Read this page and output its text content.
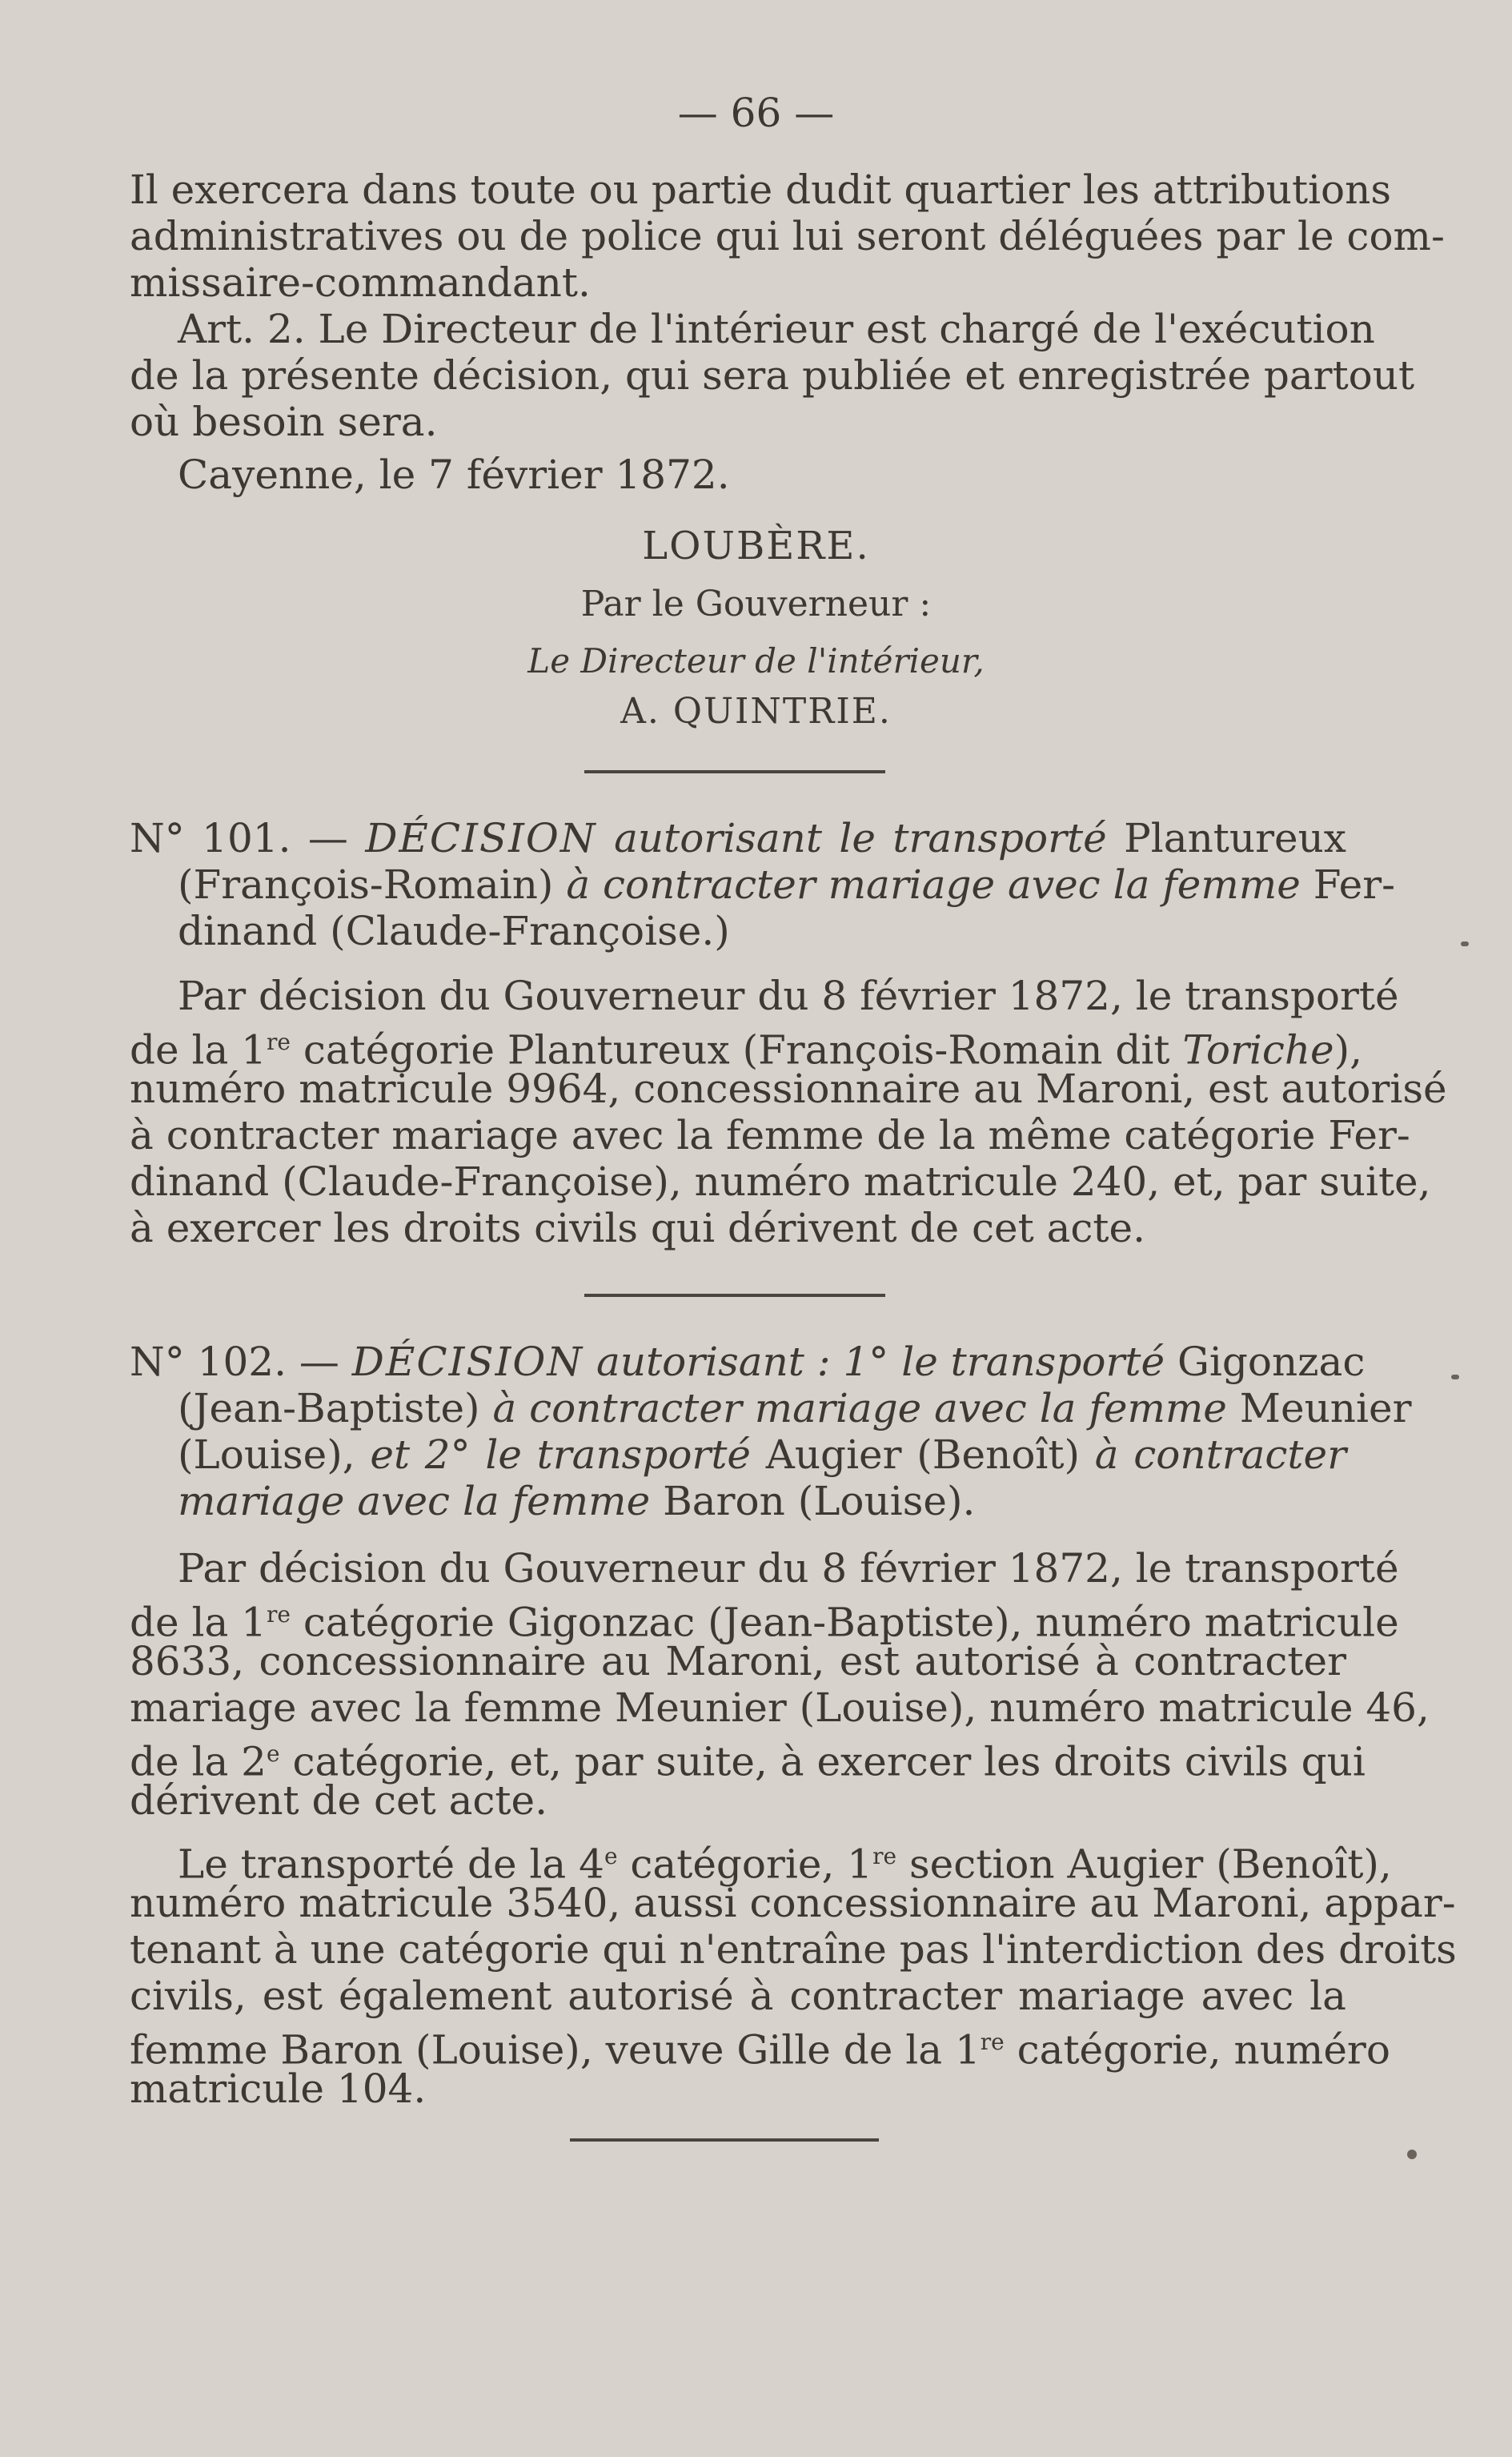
— 66 —
Il exercera dans toute ou partie dudit quartier les attributions
administratives ou de police qui lui seront déléguées par le com-
missaire-commandant.
Art. 2. Le Directeur de l'intérieur est chargé de l'exécution
de la présente décision, qui sera publiée et enregistrée partout
où besoin sera.
Cayenne, le 7 février 1872.
LOUBÈRE.
Par le Gouverneur :
Le Directeur de l'intérieur,
A. QUINTRIE.
N° 101. — DÉCISION autorisant le transporté Plantureux
(François-Romain) à contracter mariage avec la femme Fer-
dinand (Claude-Françoise.)
Par décision du Gouverneur du 8 février 1872, le transporté
de la 1re catégorie Plantureux (François-Romain dit Toriche),
numéro matricule 9964, concessionnaire au Maroni, est autorisé
à contracter mariage avec la femme de la même catégorie Fer-
dinand (Claude-Françoise), numéro matricule 240, et, par suite,
à exercer les droits civils qui dérivent de cet acte.
N° 102. — DÉCISION autorisant : 1° le transporté Gigonzac
(Jean-Baptiste) à contracter mariage avec la femme Meunier
(Louise), et 2° le transporté Augier (Benoît) à contracter
mariage avec la femme Baron (Louise).
Par décision du Gouverneur du 8 février 1872, le transporté
de la 1re catégorie Gigonzac (Jean-Baptiste), numéro matricule
8633, concessionnaire au Maroni, est autorisé à contracter
mariage avec la femme Meunier (Louise), numéro matricule 46,
de la 2e catégorie, et, par suite, à exercer les droits civils qui
dérivent de cet acte.
Le transporté de la 4e catégorie, 1re section Augier (Benoît),
numéro matricule 3540, aussi concessionnaire au Maroni, appar-
tenant à une catégorie qui n'entraîne pas l'interdiction des droits
civils, est également autorisé à contracter mariage avec la
femme Baron (Louise), veuve Gille de la 1re catégorie, numéro
matricule 104.
